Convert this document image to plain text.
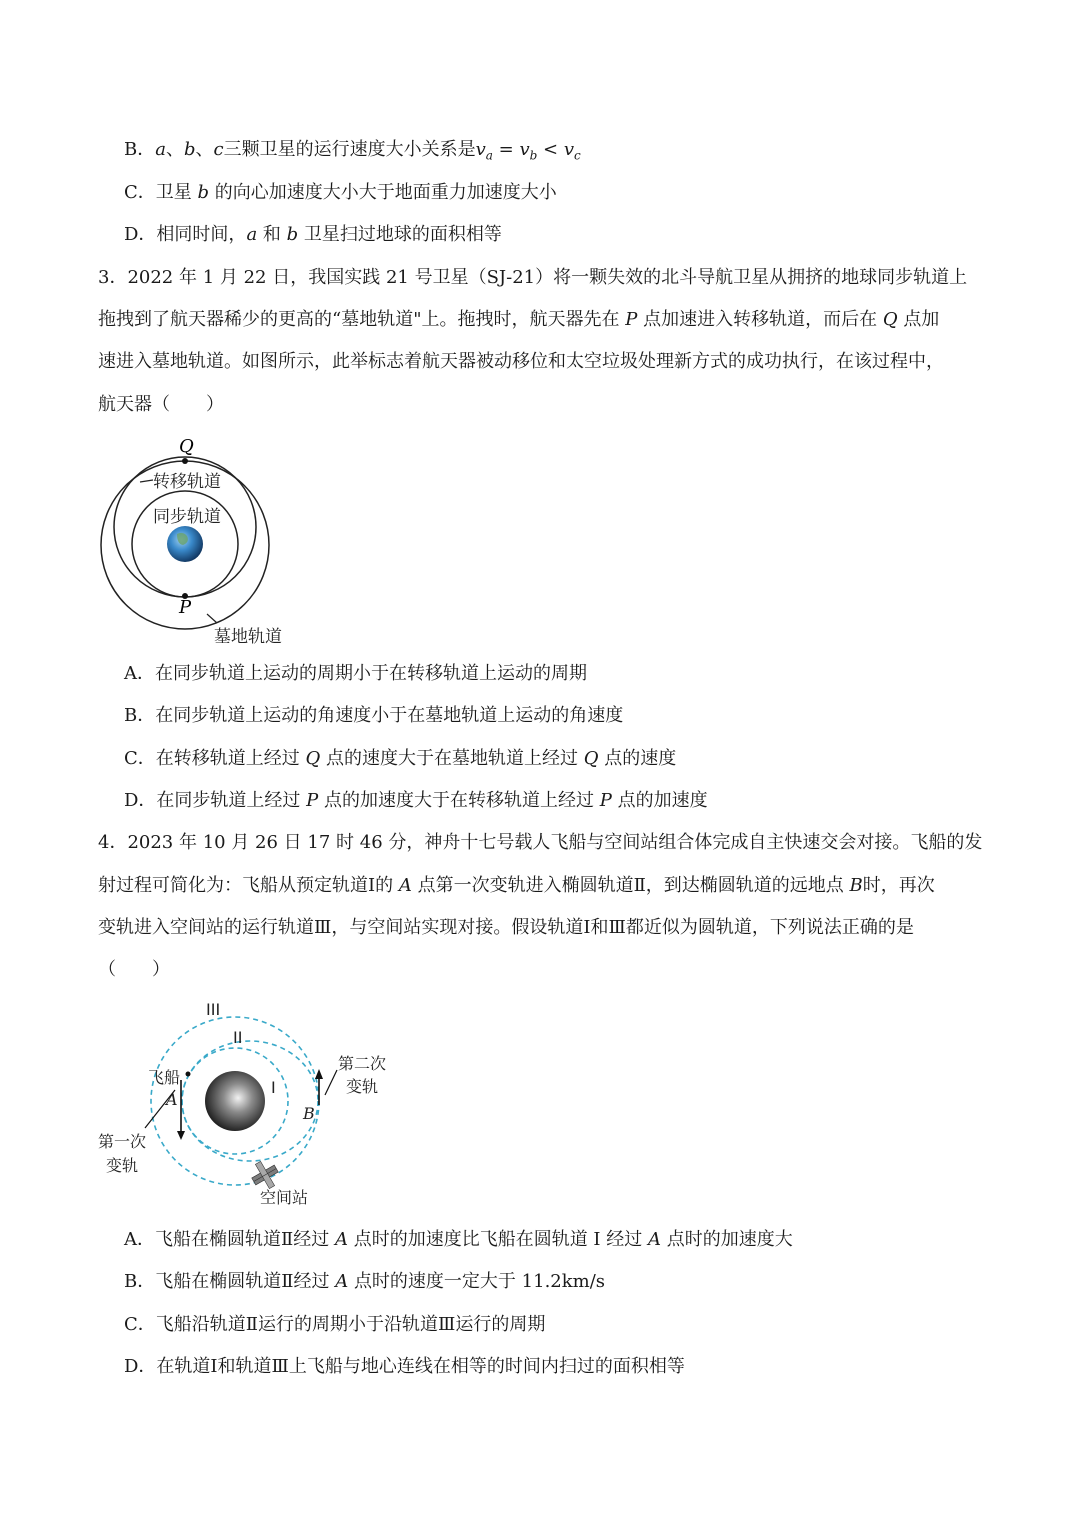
B．a、b、c三颗卫星的运行速度大小关系是$v_a = v_b < v_c$
C．卫星 b 的向心加速度大小大于地面重力加速度大小
D．相同时间，a 和 b 卫星扫过地球的面积相等
3．2022 年 1 月 22 日，我国实践 21 号卫星（SJ-21）将一颗失效的北斗导航卫星从拥挤的地球同步轨道上
拖拽到了航天器稀少的更高的“墓地轨道"上。拖拽时，航天器先在 P 点加速进入转移轨道，而后在 Q 点加
速进入墓地轨道。如图所示，此举标志着航天器被动移位和太空垃圾处理新方式的成功执行，在该过程中，
航天器（　　）
Q
P
转移轨道
同步轨道
墓地轨道
A．在同步轨道上运动的周期小于在转移轨道上运动的周期
B．在同步轨道上运动的角速度小于在墓地轨道上运动的角速度
C．在转移轨道上经过 Q 点的速度大于在墓地轨道上经过 Q 点的速度
D．在同步轨道上经过 P 点的加速度大于在转移轨道上经过 P 点的加速度
4．2023 年 10 月 26 日 17 时 46 分，神舟十七号载人飞船与空间站组合体完成自主快速交会对接。飞船的发
射过程可简化为：飞船从预定轨道Ⅰ的 A 点第一次变轨进入椭圆轨道Ⅱ，到达椭圆轨道的远地点 B时，再次
变轨进入空间站的运行轨道Ⅲ，与空间站实现对接。假设轨道Ⅰ和Ⅲ都近似为圆轨道，下列说法正确的是
（　　）
III
II
I
飞船
A
B
第二次
变轨
第一次
变轨
空间站
A．飞船在椭圆轨道Ⅱ经过 A 点时的加速度比飞船在圆轨道 I 经过 A 点时的加速度大
B．飞船在椭圆轨道Ⅱ经过 A 点时的速度一定大于 11.2km/s
C．飞船沿轨道Ⅱ运行的周期小于沿轨道Ⅲ运行的周期
D．在轨道Ⅰ和轨道Ⅲ上飞船与地心连线在相等的时间内扫过的面积相等
